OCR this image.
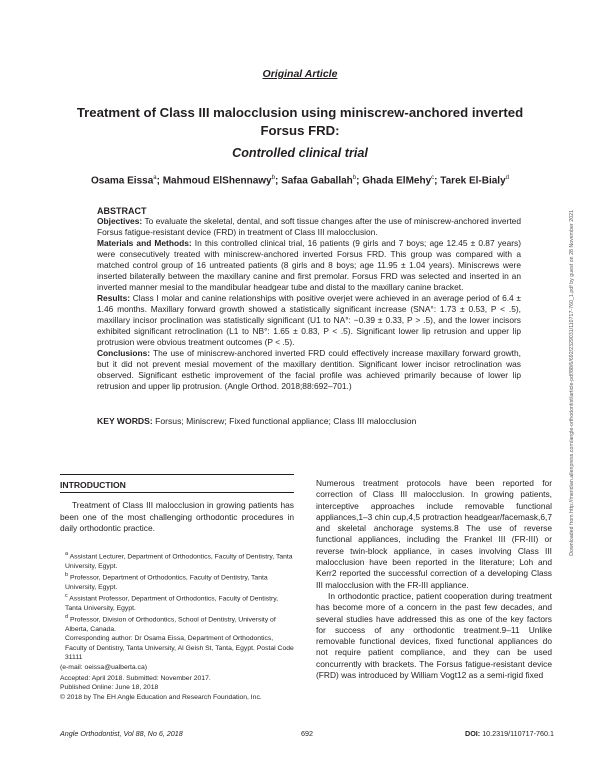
Original Article
Treatment of Class III malocclusion using miniscrew-anchored inverted Forsus FRD:
Controlled clinical trial
Osama Eissa$^a$; Mahmoud ElShennawy$^b$; Safaa Gaballah$^b$; Ghada ElMehy$^c$; Tarek El-Bialy$^d$
ABSTRACT

Objectives: To evaluate the skeletal, dental, and soft tissue changes after the use of miniscrew-anchored inverted Forsus fatigue-resistant device (FRD) in treatment of Class III malocclusion.

Materials and Methods: In this controlled clinical trial, 16 patients (9 girls and 7 boys; age 12.45 ± 0.87 years) were consecutively treated with miniscrew-anchored inverted Forsus FRD. This group was compared with a matched control group of 16 untreated patients (8 girls and 8 boys; age 11.95 ± 1.04 years). Miniscrews were inserted bilaterally between the maxillary canine and first premolar. Forsus FRD was selected and inserted in an inverted manner mesial to the mandibular headgear tube and distal to the maxillary canine bracket.

Results: Class I molar and canine relationships with positive overjet were achieved in an average period of 6.4 ± 1.46 months. Maxillary forward growth showed a statistically significant increase (SNA°: 1.73 ± 0.53, P < .5), maxillary incisor proclination was statistically significant (U1 to NA°: −0.39 ± 0.33, P > .5), and the lower incisors exhibited significant retroclination (L1 to NB°: 1.65 ± 0.83, P < .5). Significant lower lip retrusion and upper lip protrusion were obvious treatment outcomes (P < .5).

Conclusions: The use of miniscrew-anchored inverted FRD could effectively increase maxillary forward growth, but it did not prevent mesial movement of the maxillary dentition. Significant lower incisor retroclination was observed. Significant esthetic improvement of the facial profile was achieved primarily because of lower lip retrusion and upper lip protrusion. (Angle Orthod. 2018;88:692–701.)

KEY WORDS: Forsus; Miniscrew; Fixed functional appliance; Class III malocclusion	Downloaded from http://meridian.allenpress.com/angle-orthodontist/article-pdf/88/6/692/2329031/110717-760_1.pdf by guest on 28 November 2021
INTRODUCTION

Treatment of Class III malocclusion in growing patients has been one of the most challenging orthodontic procedures in daily orthodontic practice.

$^a$ Assistant Lecturer, Department of Orthodontics, Faculty of Dentistry, Tanta University, Egypt.

$^b$ Professor, Department of Orthodontics, Faculty of Dentistry, Tanta University, Egypt.

$^c$ Assistant Professor, Department of Orthodontics, Faculty of Dentistry, Tanta University, Egypt.

$^d$ Professor, Division of Orthodontics, School of Dentistry, University of Alberta, Canada.

Corresponding author: Dr Osama Eissa, Department of Orthodontics, Faculty of Dentistry, Tanta University, Al Geish St, Tanta, Egypt. Postal Code 31111

(e-mail: oeissa@ualberta.ca)

Accepted: April 2018. Submitted: November 2017.

Published Online: June 18, 2018

© 2018 by The EH Angle Education and Research Foundation, Inc.

Numerous treatment protocols have been reported for correction of Class III malocclusion. In growing patients, interceptive approaches include removable functional appliances,1–3 chin cup,4,5 protraction headgear/facemask,6,7 and skeletal anchorage systems.8 The use of reverse functional appliances, including the Frankel III (FR-III) or reverse twin-block appliance, in cases involving Class III malocclusion have been reported in the literature; Loh and Kerr2 reported the successful correction of a developing Class III malocclusion with the FR-III appliance.

In orthodontic practice, patient cooperation during treatment has become more of a concern in the past few decades, and several studies have addressed this as one of the key factors for success of any orthodontic treatment.9–11 Unlike removable functional devices, fixed functional appliances do not require patient compliance, and they can be used concurrently with brackets. The Forsus fatigue-resistant device (FRD) was introduced by William Vogt12 as a semi-rigid fixed

Angle Orthodontist, Vol 88, No 6, 2018	692	DOI: 10.2319/110717-760.1
